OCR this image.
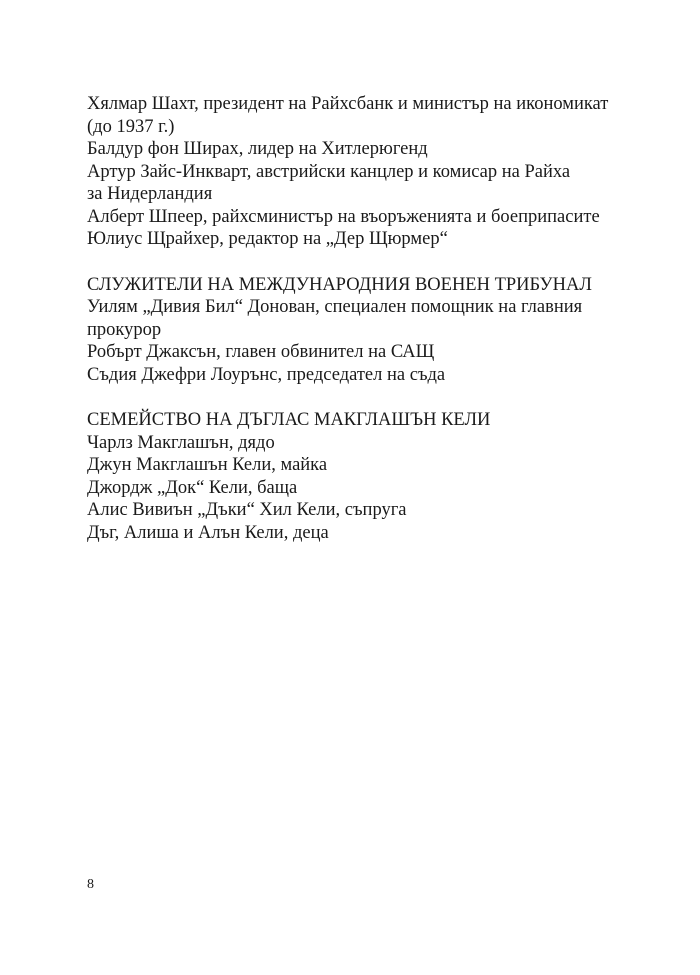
Хялмар Шахт, президент на Райхсбанк и министър на икономикат

(до 1937 г.)

Балдур фон Ширах, лидер на Хитлерюгенд

Артур Зайс-Инкварт, австрийски канцлер и комисар на Райха

за Нидерландия

Алберт Шпеер, райхсминистър на въоръженията и боеприпасите

Юлиус Щрайхер, редактор на „Дер Щюрмер“

СЛУЖИТЕЛИ НА МЕЖДУНАРОДНИЯ ВОЕНЕН ТРИБУНАЛ

Уилям „Дивия Бил“ Донован, специален помощник на главния

прокурор

Робърт Джаксън, главен обвинител на САЩ

Съдия Джефри Лоурънс, председател на съда

СЕМЕЙСТВО НА ДЪГЛАС МАКГЛАШЪН КЕЛИ

Чарлз Макглашън, дядо

Джун Макглашън Кели, майка

Джордж „Док“ Кели, баща

Алис Вивиън „Дъки“ Хил Кели, съпруга

Дъг, Алиша и Алън Кели, деца

8
